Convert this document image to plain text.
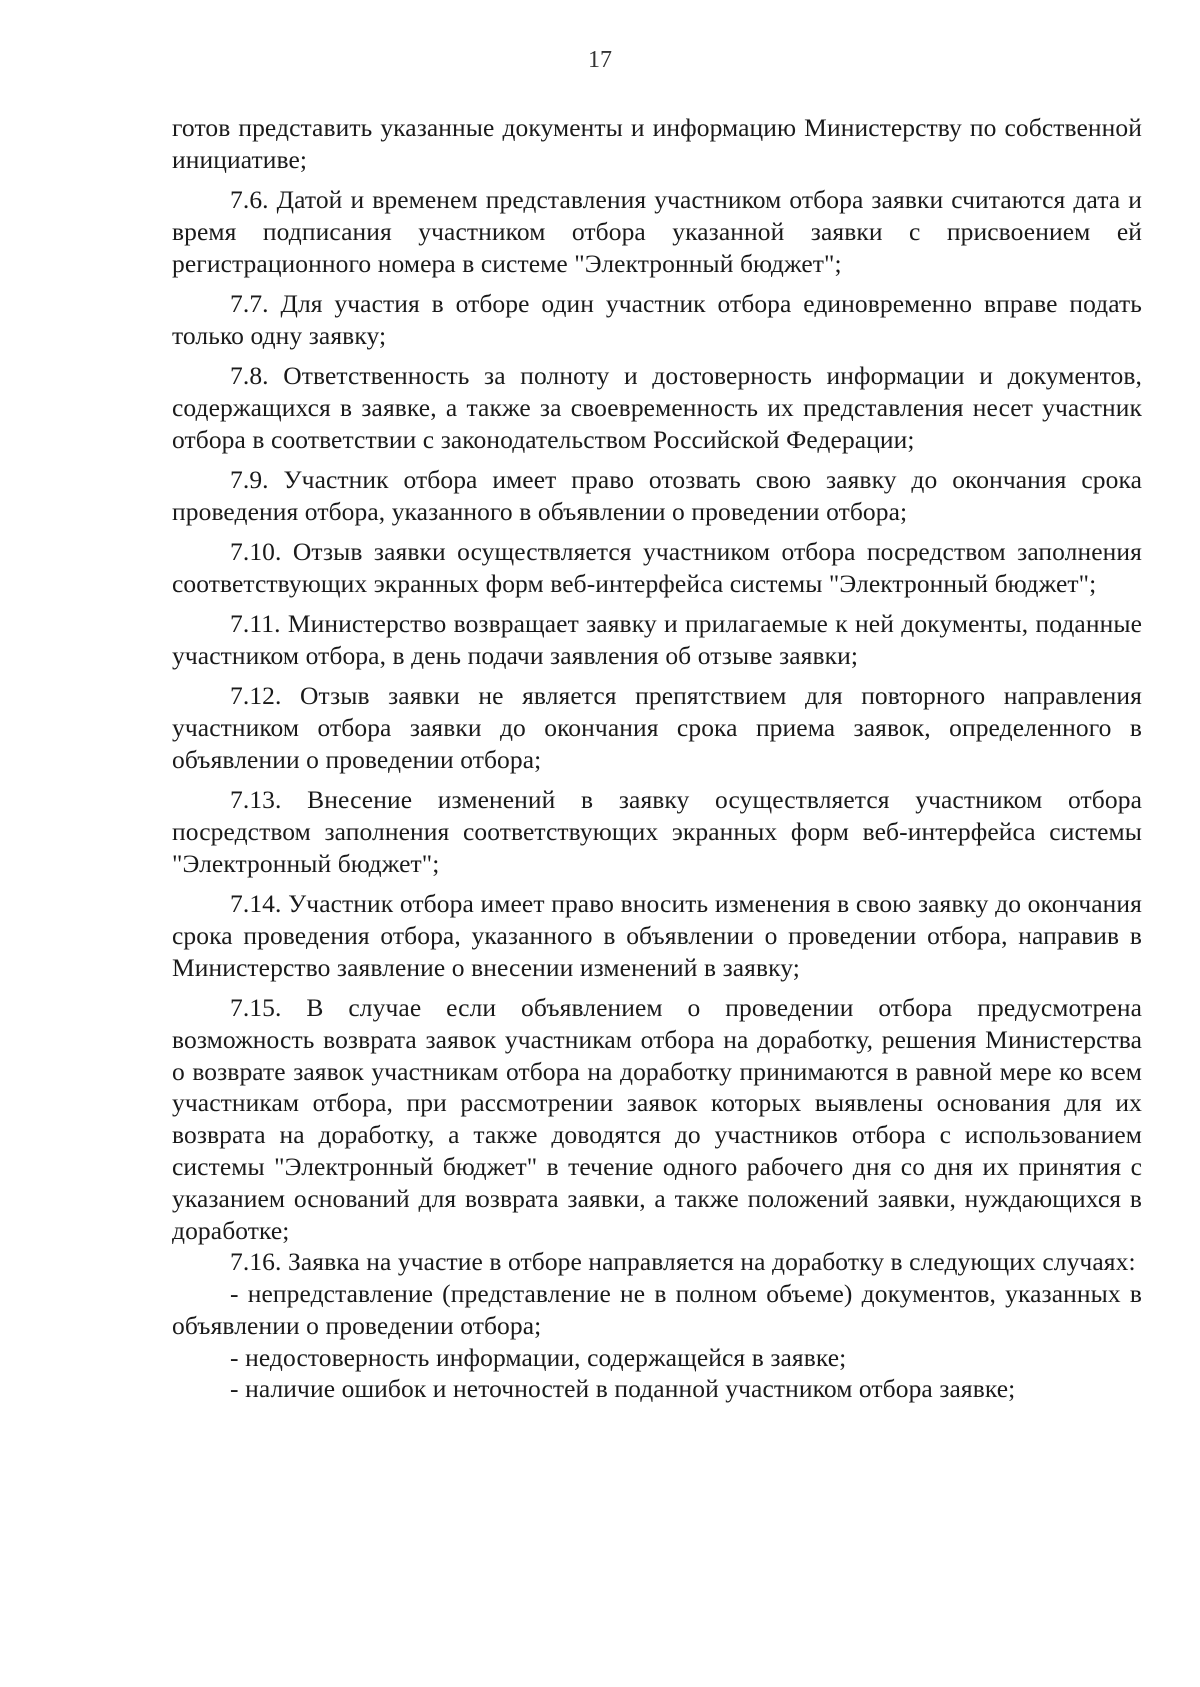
17

готов представить указанные документы и информацию Министерству по собственной инициативе;

7.6. Датой и временем представления участником отбора заявки считаются дата и время подписания участником отбора указанной заявки с присвоением ей регистрационного номера в системе "Электронный бюджет";

7.7. Для участия в отборе один участник отбора единовременно вправе подать только одну заявку;

7.8. Ответственность за полноту и достоверность информации и документов, содержащихся в заявке, а также за своевременность их представления несет участник отбора в соответствии с законодательством Российской Федерации;

7.9. Участник отбора имеет право отозвать свою заявку до окончания срока проведения отбора, указанного в объявлении о проведении отбора;

7.10. Отзыв заявки осуществляется участником отбора посредством заполнения соответствующих экранных форм веб-интерфейса системы "Электронный бюджет";

7.11. Министерство возвращает заявку и прилагаемые к ней документы, поданные участником отбора, в день подачи заявления об отзыве заявки;

7.12. Отзыв заявки не является препятствием для повторного направления участником отбора заявки до окончания срока приема заявок, определенного в объявлении о проведении отбора;

7.13. Внесение изменений в заявку осуществляется участником отбора посредством заполнения соответствующих экранных форм веб-интерфейса системы "Электронный бюджет";

7.14. Участник отбора имеет право вносить изменения в свою заявку до окончания срока проведения отбора, указанного в объявлении о проведении отбора, направив в Министерство заявление о внесении изменений в заявку;

7.15. В случае если объявлением о проведении отбора предусмотрена возможность возврата заявок участникам отбора на доработку, решения Министерства о возврате заявок участникам отбора на доработку принимаются в равной мере ко всем участникам отбора, при рассмотрении заявок которых выявлены основания для их возврата на доработку, а также доводятся до участников отбора с использованием системы "Электронный бюджет" в течение одного рабочего дня со дня их принятия с указанием оснований для возврата заявки, а также положений заявки, нуждающихся в доработке;

7.16. Заявка на участие в отборе направляется на доработку в следующих случаях:

- непредставление (представление не в полном объеме) документов, указанных в объявлении о проведении отбора;

- недостоверность информации, содержащейся в заявке;

- наличие ошибок и неточностей в поданной участником отбора заявке;
